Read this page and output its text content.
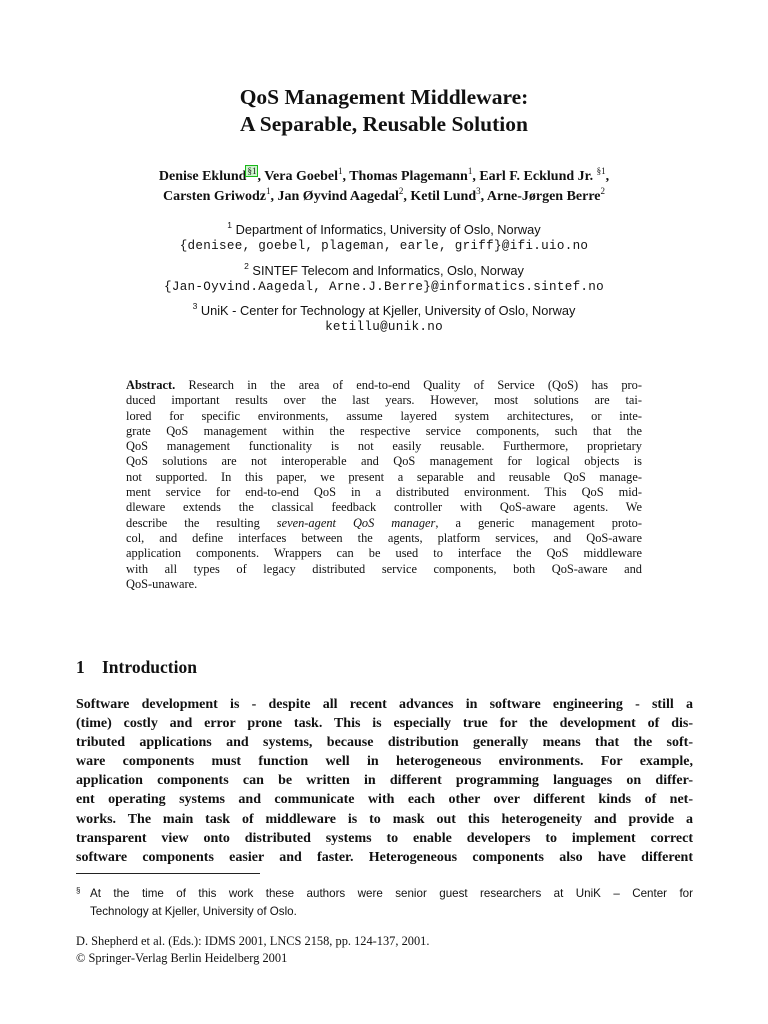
QoS Management Middleware:
A Separable, Reusable Solution
Denise Eklund$^{\S 1}$, Vera Goebel$^1$, Thomas Plagemann$^1$, Earl F. Ecklund Jr. $^{\S 1}$,
Carsten Griwodz$^1$, Jan Øyvind Aagedal$^2$, Ketil Lund$^3$, Arne-Jørgen Berre$^2$
$^1$ Department of Informatics, University of Oslo, Norway
{denisee, goebel, plageman, earle, griff}@ifi.uio.no
$^2$ SINTEF Telecom and Informatics, Oslo, Norway
{Jan-Oyvind.Aagedal, Arne.J.Berre}@informatics.sintef.no
$^3$ UniK - Center for Technology at Kjeller, University of Oslo, Norway
ketillu@unik.no
Abstract. Research in the area of end-to-end Quality of Service (QoS) has pro-
duced important results over the last years. However, most solutions are tai-
lored for specific environments, assume layered system architectures, or inte-
grate QoS management within the respective service components, such that the
QoS management functionality is not easily reusable. Furthermore, proprietary
QoS solutions are not interoperable and QoS management for logical objects is
not supported. In this paper, we present a separable and reusable QoS manage-
ment service for end-to-end QoS in a distributed environment. This QoS mid-
dleware extends the classical feedback controller with QoS-aware agents. We
describe the resulting seven-agent QoS manager, a generic management proto-
col, and define interfaces between the agents, platform services, and QoS-aware
application components. Wrappers can be used to interface the QoS middleware
with all types of legacy distributed service components, both QoS-aware and
QoS-unaware.
1 Introduction
Software development is - despite all recent advances in software engineering - still a
(time) costly and error prone task. This is especially true for the development of dis-
tributed applications and systems, because distribution generally means that the soft-
ware components must function well in heterogeneous environments. For example,
application components can be written in different programming languages on differ-
ent operating systems and communicate with each other over different kinds of net-
works. The main task of middleware is to mask out this heterogeneity and provide a
transparent view onto distributed systems to enable developers to implement correct
software components easier and faster. Heterogeneous components also have different
§ At the time of this work these authors were senior guest researchers at UniK – Center for
Technology at Kjeller, University of Oslo.
D. Shepherd et al. (Eds.): IDMS 2001, LNCS 2158, pp. 124-137, 2001.
© Springer-Verlag Berlin Heidelberg 2001
